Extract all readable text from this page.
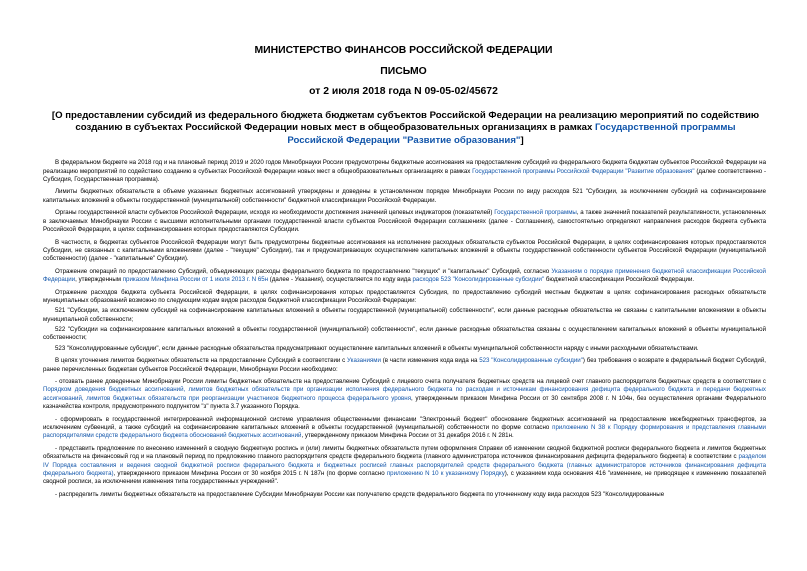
МИНИСТЕРСТВО ФИНАНСОВ РОССИЙСКОЙ ФЕДЕРАЦИИ
ПИСЬМО
от 2 июля 2018 года N 09-05-02/45672
[О предоставлении субсидий из федерального бюджета бюджетам субъектов Российской Федерации на реализацию мероприятий по содействию созданию в субъектах Российской Федерации новых мест в общеобразовательных организациях в рамках Государственной программы Российской Федерации "Развитие образования"]

В федеральном бюджете на 2018 год и на плановый период 2019 и 2020 годов Минобрнауки России предусмотрены бюджетные ассигнования на предоставление субсидий из федерального бюджета бюджетам субъектов Российской Федерации на реализацию мероприятий по содействию созданию в субъектах Российской Федерации новых мест в общеобразовательных организациях в рамках Государственной программы Российской Федерации "Развитие образования" (далее соответственно - Субсидия, Государственная программа).

Лимиты бюджетных обязательств в объеме указанных бюджетных ассигнований утверждены и доведены в установленном порядке Минобрнауки России по виду расходов 521 "Субсидии, за исключением субсидий на софинансирование капитальных вложений в объекты государственной (муниципальной) собственности" бюджетной классификации Российской Федерации.

Органы государственной власти субъектов Российской Федерации, исходя из необходимости достижения значений целевых индикаторов (показателей) Государственной программы, а также значений показателей результативности, установленных в заключаемых Минобрнауки России с высшими исполнительными органами государственной власти субъектов Российской Федерации соглашениях (далее - Соглашения), самостоятельно определяют направления расходов бюджета субъекта Российской Федерации, в целях софинансирования которых предоставляются Субсидии.

В частности, в бюджетах субъектов Российской Федерации могут быть предусмотрены бюджетные ассигнования на исполнение расходных обязательств субъектов Российской Федерации, в целях софинансирования которых предоставляются Субсидии, не связанных с капитальными вложениями (далее - "текущие" Субсидии), так и предусматривающих осуществление капитальных вложений в объекты государственной собственности субъектов Российской Федерации (муниципальной собственности) (далее - "капитальные" Субсидии).

Отражение операций по предоставлению Субсидий, объединяющих расходы федерального бюджета по предоставлению "текущих" и "капитальных" Субсидий, согласно Указаниям о порядке применения бюджетной классификации Российской Федерации, утвержденным приказом Минфина России от 1 июля 2013 г. N 65н (далее - Указания), осуществляется по коду вида расходов 523 "Консолидированные субсидии" бюджетной классификации Российской Федерации.

Отражение расходов бюджета субъекта Российской Федерации, в целях софинансирования которых предоставляется Субсидия, по предоставлению субсидий местным бюджетам в целях софинансирования расходных обязательств муниципальных образований возможно по следующим кодам видов расходов бюджетной классификации Российской Федерации:

521 "Субсидии, за исключением субсидий на софинансирование капитальных вложений в объекты государственной (муниципальной) собственности", если данные расходные обязательства не связаны с капитальными вложениями в объекты муниципальной собственности;

522 "Субсидии на софинансирование капитальных вложений в объекты государственной (муниципальной) собственности", если данные расходные обязательства связаны с осуществлением капитальных вложений в объекты муниципальной собственности;

523 "Консолидированные субсидии", если данные расходные обязательства предусматривают осуществление капитальных вложений в объекты муниципальной собственности наряду с иными расходными обязательствами.

В целях уточнения лимитов бюджетных обязательств на предоставление Субсидий в соответствии с Указаниями (в части изменения кода вида на 523 "Консолидированные субсидии") без требования о возврате в федеральный бюджет Субсидий, ранее перечисленных бюджетам субъектов Российской Федерации, Минобрнауки России необходимо:

- отозвать ранее доведенные Минобрнауки России лимиты бюджетных обязательств на предоставление Субсидий с лицевого счета получателя бюджетных средств на лицевой счет главного распорядителя бюджетных средств в соответствии с Порядком доведения бюджетных ассигнований, лимитов бюджетных обязательств при организации исполнения федерального бюджета по расходам и источникам финансирования дефицита федерального бюджета и передачи бюджетных ассигнований, лимитов бюджетных обязательств при реорганизации участников бюджетного процесса федерального уровня, утвержденным приказом Минфина России от 30 сентября 2008 г. N 104н, без осуществления органами Федерального казначейства контроля, предусмотренного подпунктом "з" пункта 3.7 указанного Порядка.

- сформировать в государственной интегрированной информационной системе управления общественными финансами "Электронный бюджет" обоснование бюджетных ассигнований на предоставление межбюджетных трансфертов, за исключением субвенций, а также субсидий на софинансирование капитальных вложений в объекты государственной (муниципальной) собственности по форме согласно приложению N 38 к Порядку формирования и представления главными распорядителями средств федерального бюджета обоснований бюджетных ассигнований, утвержденному приказом Минфина России от 31 декабря 2016 г. N 281н.

- представить предложение по внесению изменений в сводную бюджетную роспись и (или) лимиты бюджетных обязательств путем оформления Справки об изменении сводной бюджетной росписи федерального бюджета и лимитов бюджетных обязательств на финансовый год и на плановый период по предложению главного распорядителя средств федерального бюджета (главного администратора источников финансирования дефицита федерального бюджета) в соответствии с разделом IV Порядка составления и ведения сводной бюджетной росписи федерального бюджета и бюджетных росписей главных распорядителей средств федерального бюджета (главных администраторов источников финансирования дефицита федерального бюджета), утвержденного приказом Минфина России от 30 ноября 2015 г. N 187н (по форме согласно приложению N 10 к указанному Порядку), с указанием кода основания 416 "изменение, не приводящее к изменению показателей сводной росписи, за исключением изменения типа государственных учреждений".

- распределить лимиты бюджетных обязательств на предоставление Субсидии Минобрнауки России как получателю средств федерального бюджета по уточненному коду вида расходов 523 "Консолидированные
